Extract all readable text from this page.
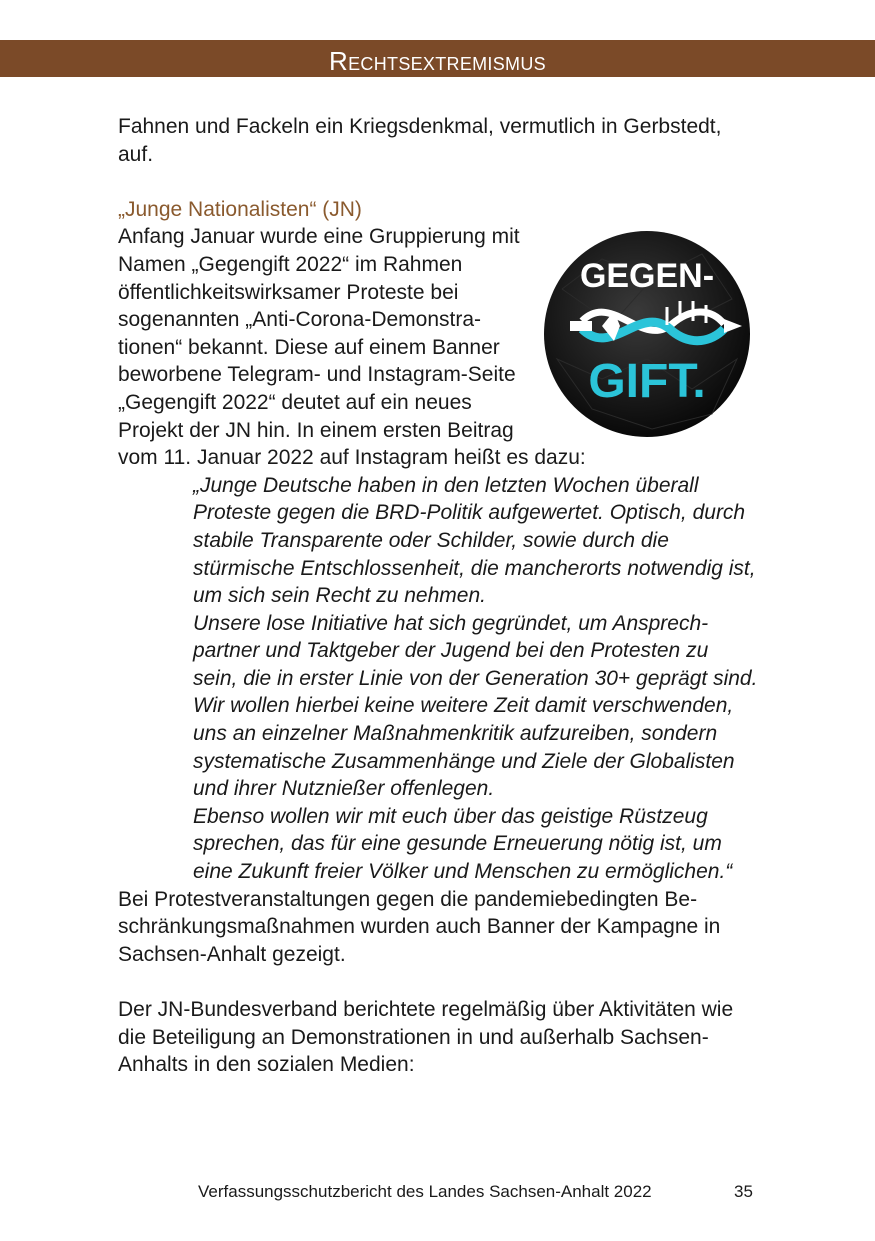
Rechtsextremismus

Fahnen und Fackeln ein Kriegsdenkmal, vermutlich in Gerbstedt, auf.

„Junge Nationalisten“ (JN)

GEGEN-
GIFT.

Anfang Januar wurde eine Gruppierung mit Namen „Gegengift 2022“ im Rahmen öffentlichkeitswirksamer Proteste bei sogenannten „Anti-Corona-Demonstrationen“ bekannt. Diese auf einem Banner beworbene Telegram- und Instagram-Seite „Gegengift 2022“ deutet auf ein neues Projekt der JN hin. In einem ersten Beitrag vom 11. Januar 2022 auf Instagram heißt es dazu:

„Junge Deutsche haben in den letzten Wochen überall Proteste gegen die BRD-Politik aufgewertet. Optisch, durch stabile Transparente oder Schilder, sowie durch die stürmische Entschlossenheit, die mancherorts notwendig ist, um sich sein Recht zu nehmen.

Unsere lose Initiative hat sich gegründet, um Ansprechpartner und Taktgeber der Jugend bei den Protesten zu sein, die in erster Linie von der Generation 30+ geprägt sind.

Wir wollen hierbei keine weitere Zeit damit verschwenden, uns an einzelner Maßnahmenkritik aufzureiben, sondern systematische Zusammenhänge und Ziele der Globalisten und ihrer Nutznießer offenlegen.

Ebenso wollen wir mit euch über das geistige Rüstzeug sprechen, das für eine gesunde Erneuerung nötig ist, um eine Zukunft freier Völker und Menschen zu ermöglichen.“

Bei Protestveranstaltungen gegen die pandemiebedingten Beschränkungsmaßnahmen wurden auch Banner der Kampagne in Sachsen-Anhalt gezeigt.

Der JN-Bundesverband berichtete regelmäßig über Aktivitäten wie die Beteiligung an Demonstrationen in und außerhalb Sachsen-Anhalts in den sozialen Medien:

Verfassungsschutzbericht des Landes Sachsen-Anhalt 2022	35
